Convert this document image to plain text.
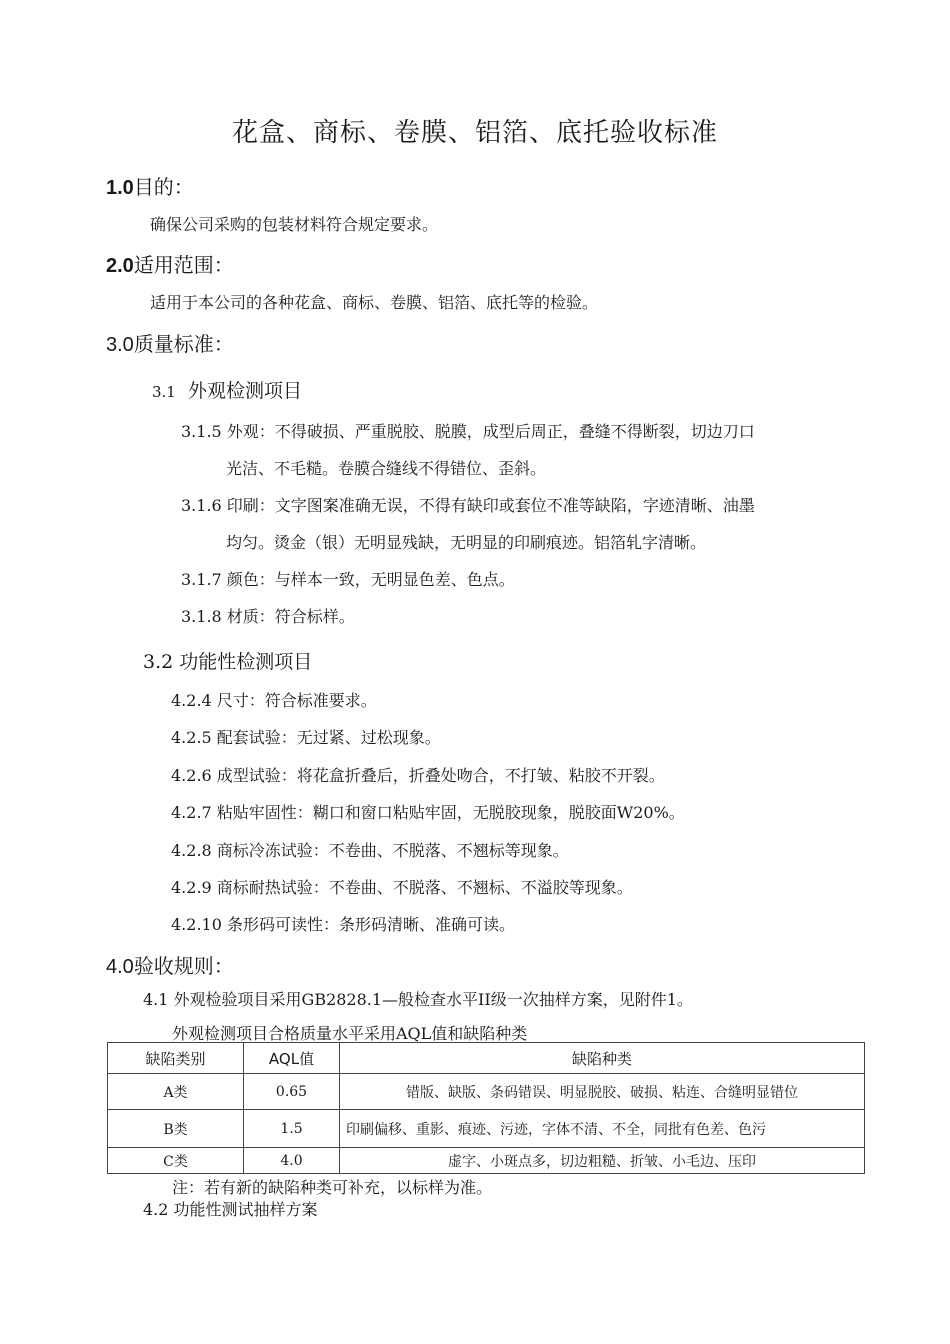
花盒、商标、卷膜、铝箔、底托验收标准
1.0目的：
确保公司采购的包装材料符合规定要求。
2.0适用范围：
适用于本公司的各种花盒、商标、卷膜、铝箔、底托等的检验。
3.0质量标准：
3.1 外观检测项目
3.1.5 外观：不得破损、严重脱胶、脱膜，成型后周正，叠缝不得断裂，切边刀口
光洁、不毛糙。卷膜合缝线不得错位、歪斜。
3.1.6 印刷：文字图案准确无误，不得有缺印或套位不准等缺陷，字迹清晰、油墨
均匀。烫金（银）无明显残缺，无明显的印刷痕迹。铝箔轧字清晰。
3.1.7 颜色：与样本一致，无明显色差、色点。
3.1.8 材质：符合标样。
3.2 功能性检测项目
4.2.4 尺寸：符合标准要求。
4.2.5 配套试验：无过紧、过松现象。
4.2.6 成型试验：将花盒折叠后，折叠处吻合，不打皱、粘胶不开裂。
4.2.7 粘贴牢固性：糊口和窗口粘贴牢固，无脱胶现象，脱胶面W20%。
4.2.8 商标冷冻试验：不卷曲、不脱落、不翘标等现象。
4.2.9 商标耐热试验：不卷曲、不脱落、不翘标、不溢胶等现象。
4.2.10 条形码可读性：条形码清晰、准确可读。
4.0验收规则：
4.1 外观检验项目采用GB2828.1—般检查水平II级一次抽样方案，见附件1。
外观检测项目合格质量水平采用AQL值和缺陷种类
缺陷类别	AQL值	缺陷种类
A类	0.65	错版、缺版、条码错误、明显脱胶、破损、粘连、合缝明显错位
B类	1.5	印刷偏移、重影、痕迹、污迹，字体不清、不全，同批有色差、色污
C类	4.0	虚字、小斑点多，切边粗糙、折皱、小毛边、压印
注：若有新的缺陷种类可补充，以标样为准。
4.2 功能性测试抽样方案
